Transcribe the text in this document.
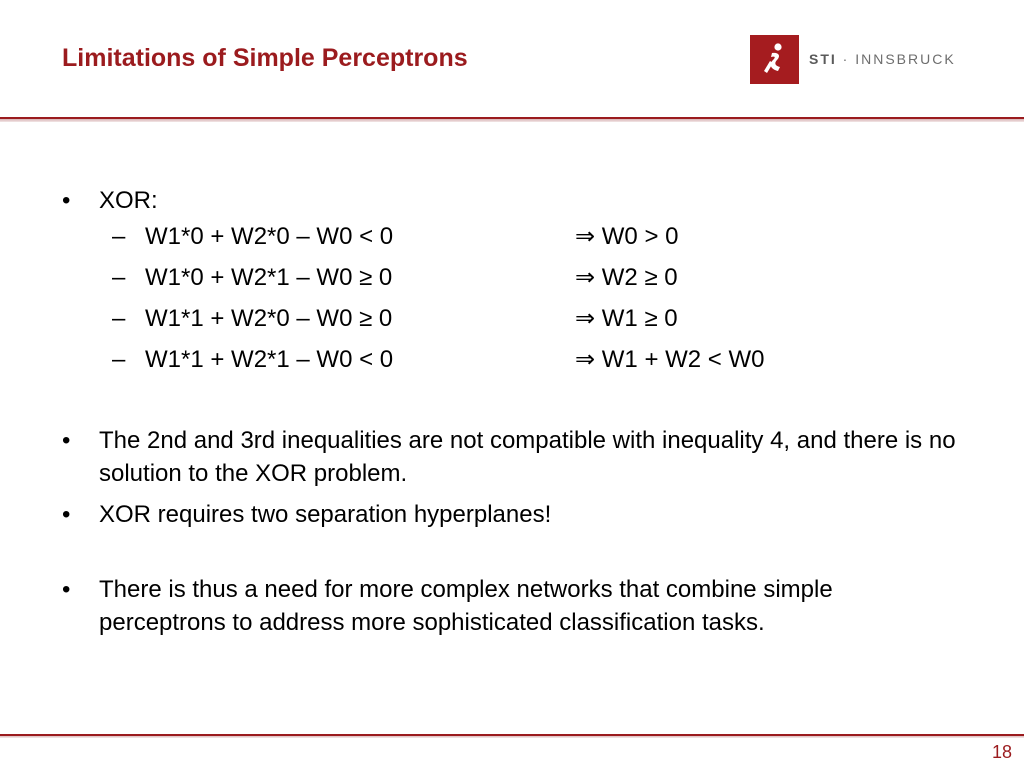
Limitations of Simple Perceptrons	STI · INNSBRUCK
• XOR:
– W1*0 + W2*0 – W0 < 0	⇒ W0 > 0
– W1*0 + W2*1 – W0 ≥ 0	⇒ W2 ≥ 0
– W1*1 + W2*0 – W0 ≥ 0	⇒ W1 ≥ 0
– W1*1 + W2*1 – W0 < 0	⇒ W1 + W2 < W0
• The 2nd and 3rd inequalities are not compatible with inequality 4, and there is no solution to the XOR problem.
• XOR requires two separation hyperplanes!
• There is thus a need for more complex networks that combine simple perceptrons to address more sophisticated classification tasks.
18
